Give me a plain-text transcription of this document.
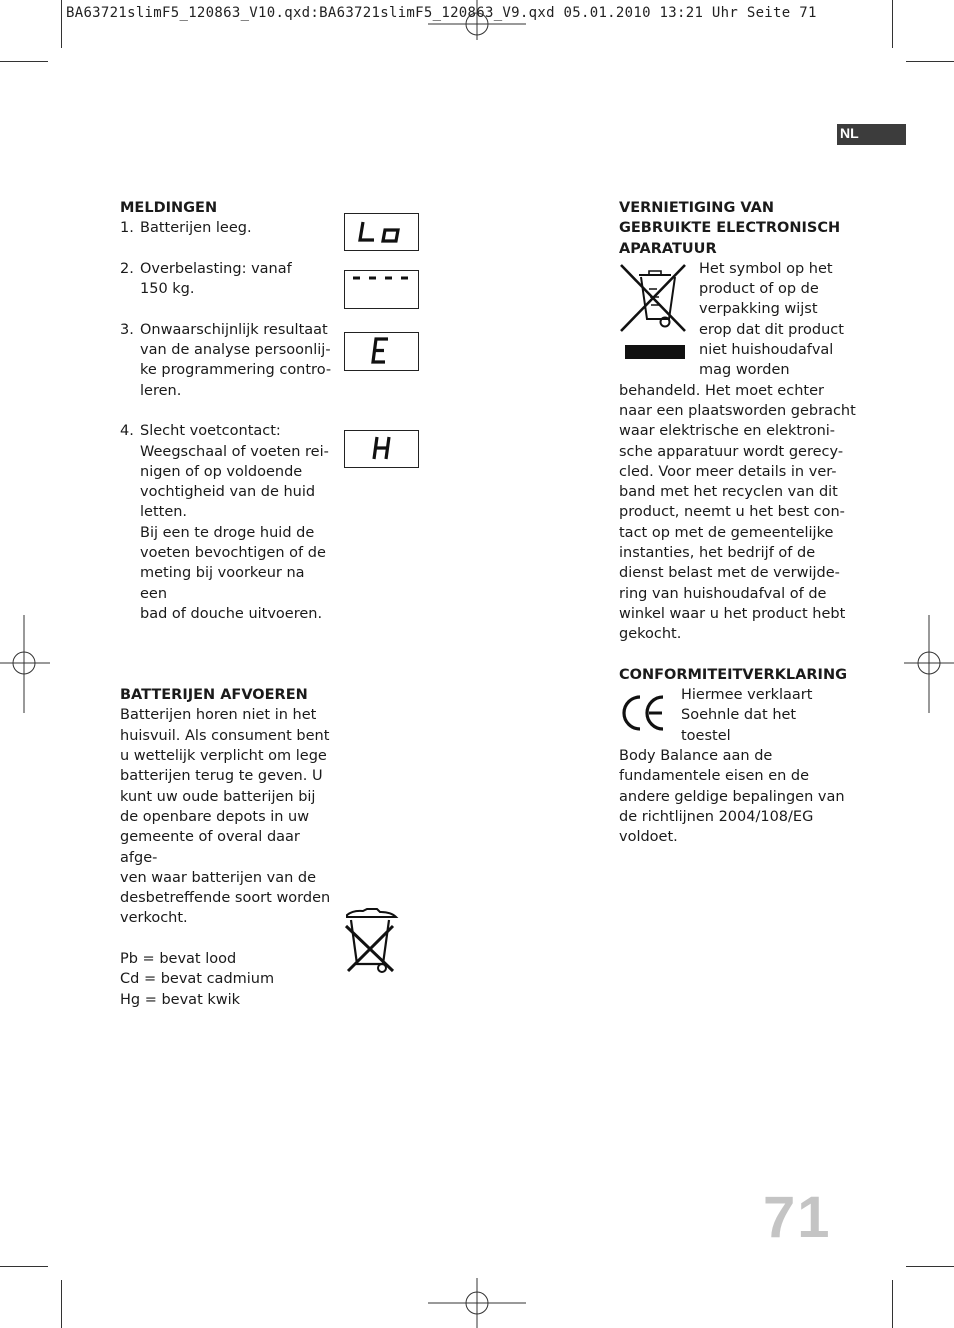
BA63721slimF5_120863_V10.qxd:BA63721slimF5_120863_V9.qxd 05.01.2010 13:21 Uhr Seite 71
NL
MELDINGEN
1. Batterijen leeg.
2. Overbelasting: vanaf
150 kg.
3. Onwaarschijnlijk resultaat
van de analyse persoonlij-
ke programmering contro-
leren.
4. Slecht voetcontact:
Weegschaal of voeten rei-
nigen of op voldoende
vochtigheid van de huid
letten.
Bij een te droge huid de
voeten bevochtigen of de
meting bij voorkeur na een
bad of douche uitvoeren.
BATTERIJEN AFVOEREN
Batterijen horen niet in het
huisvuil. Als consument bent
u wettelijk verplicht om lege
batterijen terug te geven. U
kunt uw oude batterijen bij
de openbare depots in uw
gemeente of overal daar afge-
ven waar batterijen van de
desbetreffende soort worden
verkocht.
Pb = bevat lood
Cd = bevat cadmium
Hg = bevat kwik
VERNIETIGING VAN
GEBRUIKTE ELECTRONISCH
APARATUUR
Het symbol op het
product of op de
verpakking wijst
erop dat dit product
niet huishoudafval
mag worden
behandeld. Het moet echter
naar een plaatsworden gebracht
waar elektrische en elektroni-
sche apparatuur wordt gerecy-
cled. Voor meer details in ver-
band met het recyclen van dit
product, neemt u het best con-
tact op met de gemeentelijke
instanties, het bedrijf of de
dienst belast met de verwijde-
ring van huishoudafval of de
winkel waar u het product hebt
gekocht.
CONFORMITEITVERKLARING
Hiermee verklaart
Soehnle dat het toestel
Body Balance aan de
fundamentele eisen en de
andere geldige bepalingen van
de richtlijnen 2004/108/EG
voldoet.
71
